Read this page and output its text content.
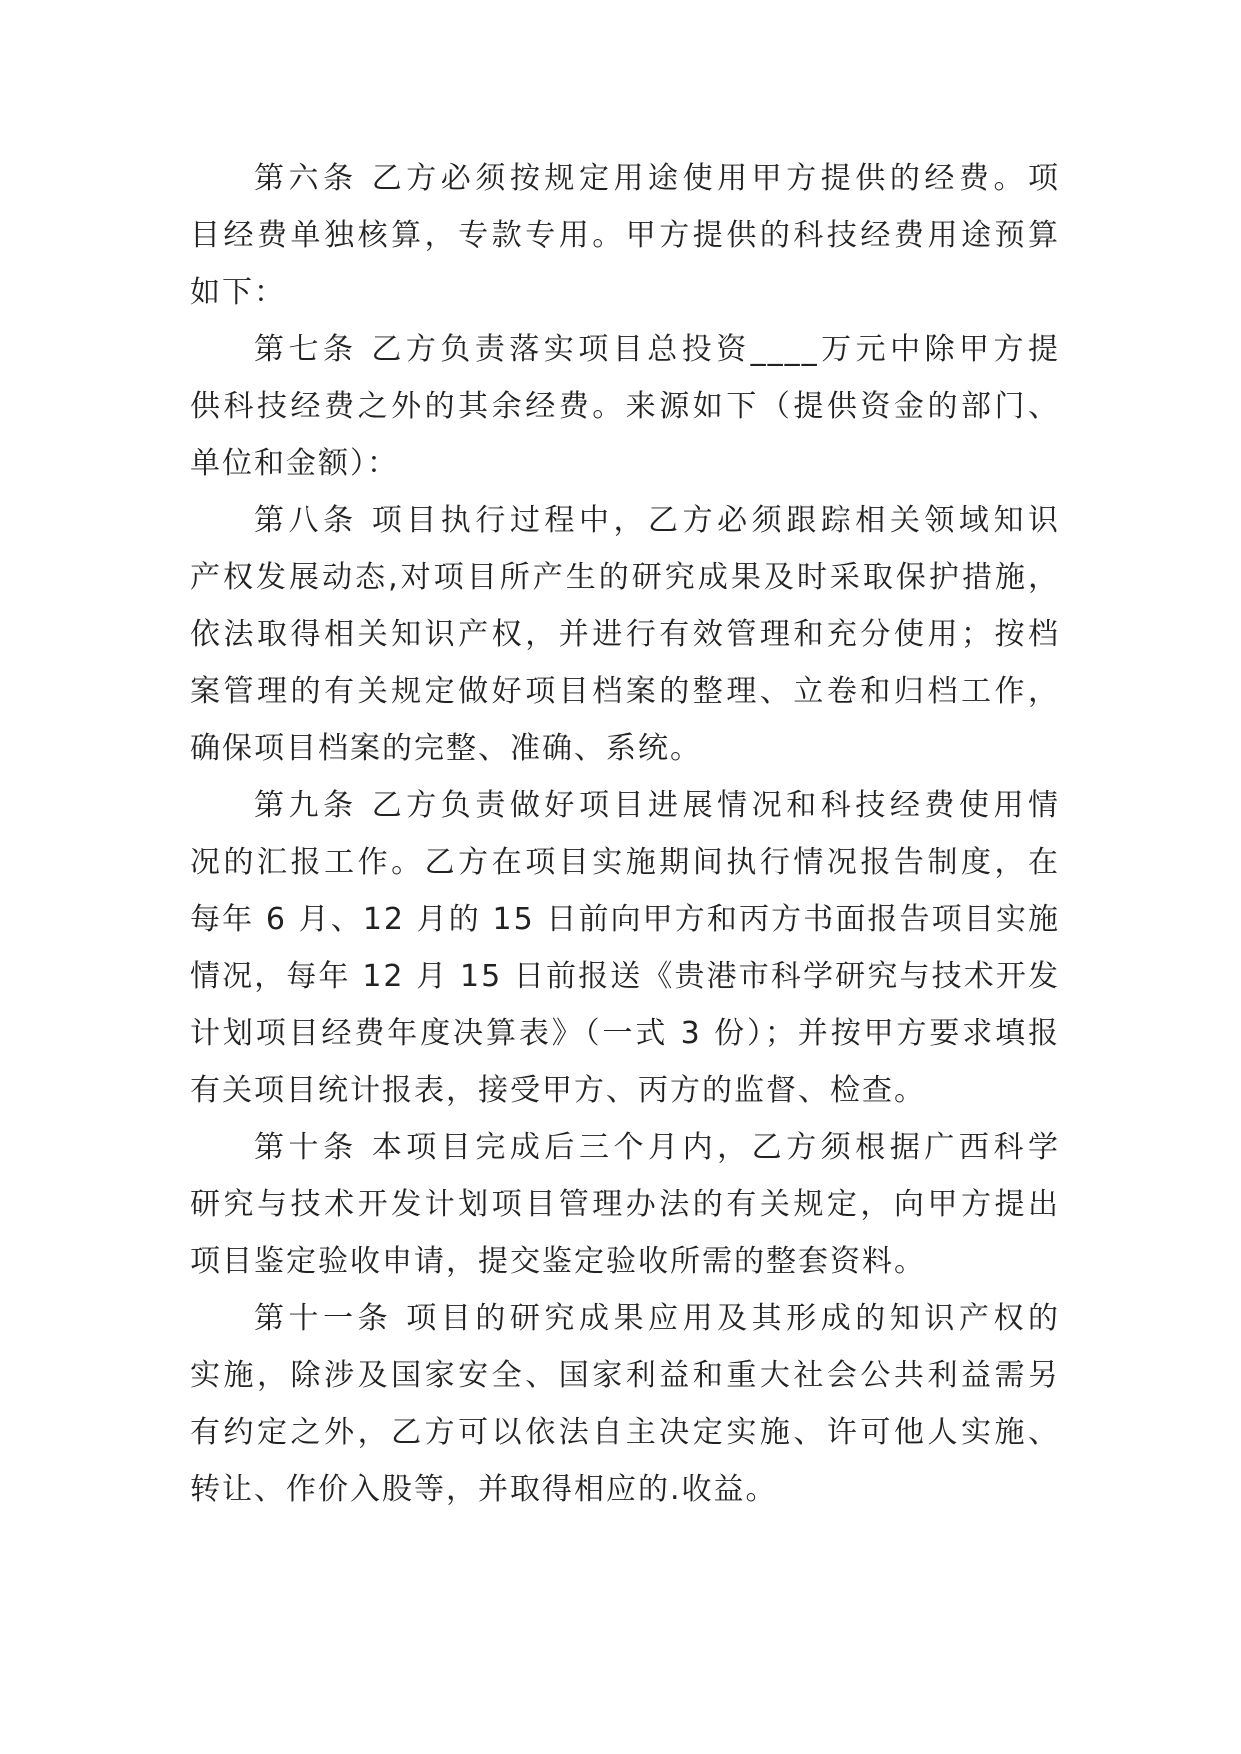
第六条 乙方必须按规定用途使用甲方提供的经费。项
目经费单独核算，专款专用。甲方提供的科技经费用途预算
如下：
第七条 乙方负责落实项目总投资____万元中除甲方提
供科技经费之外的其余经费。来源如下（提供资金的部门、
单位和金额）：
第八条 项目执行过程中，乙方必须跟踪相关领域知识
产权发展动态,对项目所产生的研究成果及时采取保护措施，
依法取得相关知识产权，并进行有效管理和充分使用；按档
案管理的有关规定做好项目档案的整理、立卷和归档工作，
确保项目档案的完整、准确、系统。
第九条 乙方负责做好项目进展情况和科技经费使用情
况的汇报工作。乙方在项目实施期间执行情况报告制度，在
每年 6 月、12 月的 15 日前向甲方和丙方书面报告项目实施
情况，每年 12 月 15 日前报送《贵港市科学研究与技术开发
计划项目经费年度决算表》（一式 3 份）；并按甲方要求填报
有关项目统计报表，接受甲方、丙方的监督、检查。
第十条 本项目完成后三个月内，乙方须根据广西科学
研究与技术开发计划项目管理办法的有关规定，向甲方提出
项目鉴定验收申请，提交鉴定验收所需的整套资料。
第十一条 项目的研究成果应用及其形成的知识产权的
实施，除涉及国家安全、国家利益和重大社会公共利益需另
有约定之外，乙方可以依法自主决定实施、许可他人实施、
转让、作价入股等，并取得相应的.收益。
